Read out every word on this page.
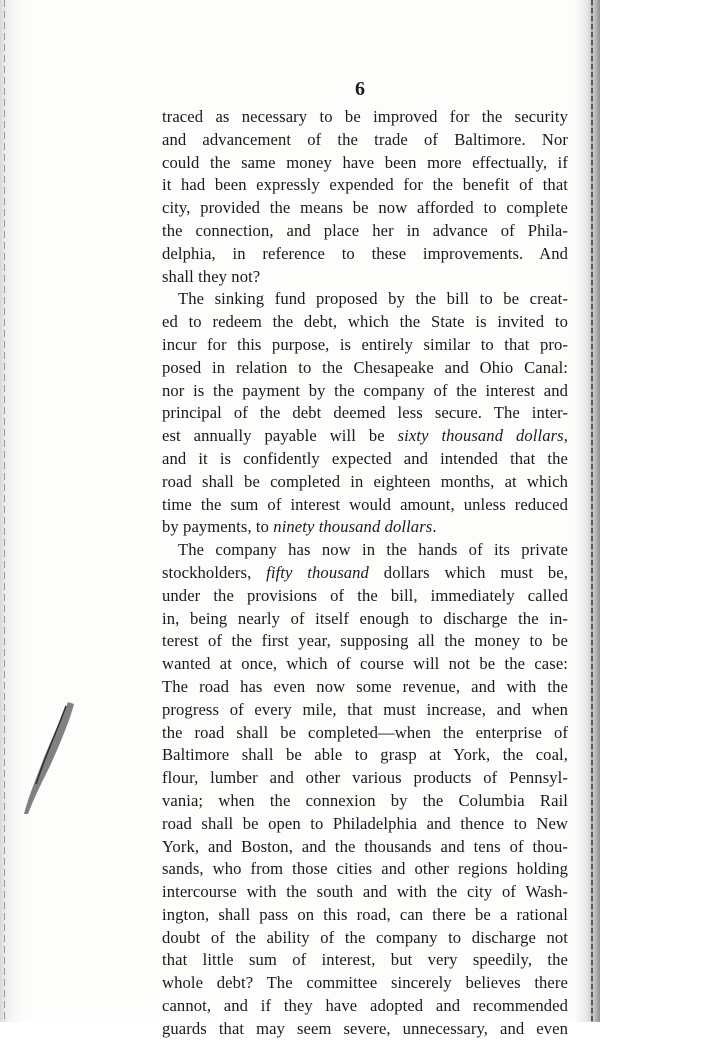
6
traced as necessary to be improved for the security
and advancement of the trade of Baltimore. Nor
could the same money have been more effectually, if
it had been expressly expended for the benefit of that
city, provided the means be now afforded to complete
the connection, and place her in advance of Phila-
delphia, in reference to these improvements. And
shall they not?
The sinking fund proposed by the bill to be creat-
ed to redeem the debt, which the State is invited to
incur for this purpose, is entirely similar to that pro-
posed in relation to the Chesapeake and Ohio Canal:
nor is the payment by the company of the interest and
principal of the debt deemed less secure. The inter-
est annually payable will be sixty thousand dollars,
and it is confidently expected and intended that the
road shall be completed in eighteen months, at which
time the sum of interest would amount, unless reduced
by payments, to ninety thousand dollars.
The company has now in the hands of its private
stockholders, fifty thousand dollars which must be,
under the provisions of the bill, immediately called
in, being nearly of itself enough to discharge the in-
terest of the first year, supposing all the money to be
wanted at once, which of course will not be the case:
The road has even now some revenue, and with the
progress of every mile, that must increase, and when
the road shall be completed—when the enterprise of
Baltimore shall be able to grasp at York, the coal,
flour, lumber and other various products of Pennsyl-
vania; when the connexion by the Columbia Rail
road shall be open to Philadelphia and thence to New
York, and Boston, and the thousands and tens of thou-
sands, who from those cities and other regions holding
intercourse with the south and with the city of Wash-
ington, shall pass on this road, can there be a rational
doubt of the ability of the company to discharge not
that little sum of interest, but very speedily, the
whole debt? The committee sincerely believes there
cannot, and if they have adopted and recommended
guards that may seem severe, unnecessary, and even
